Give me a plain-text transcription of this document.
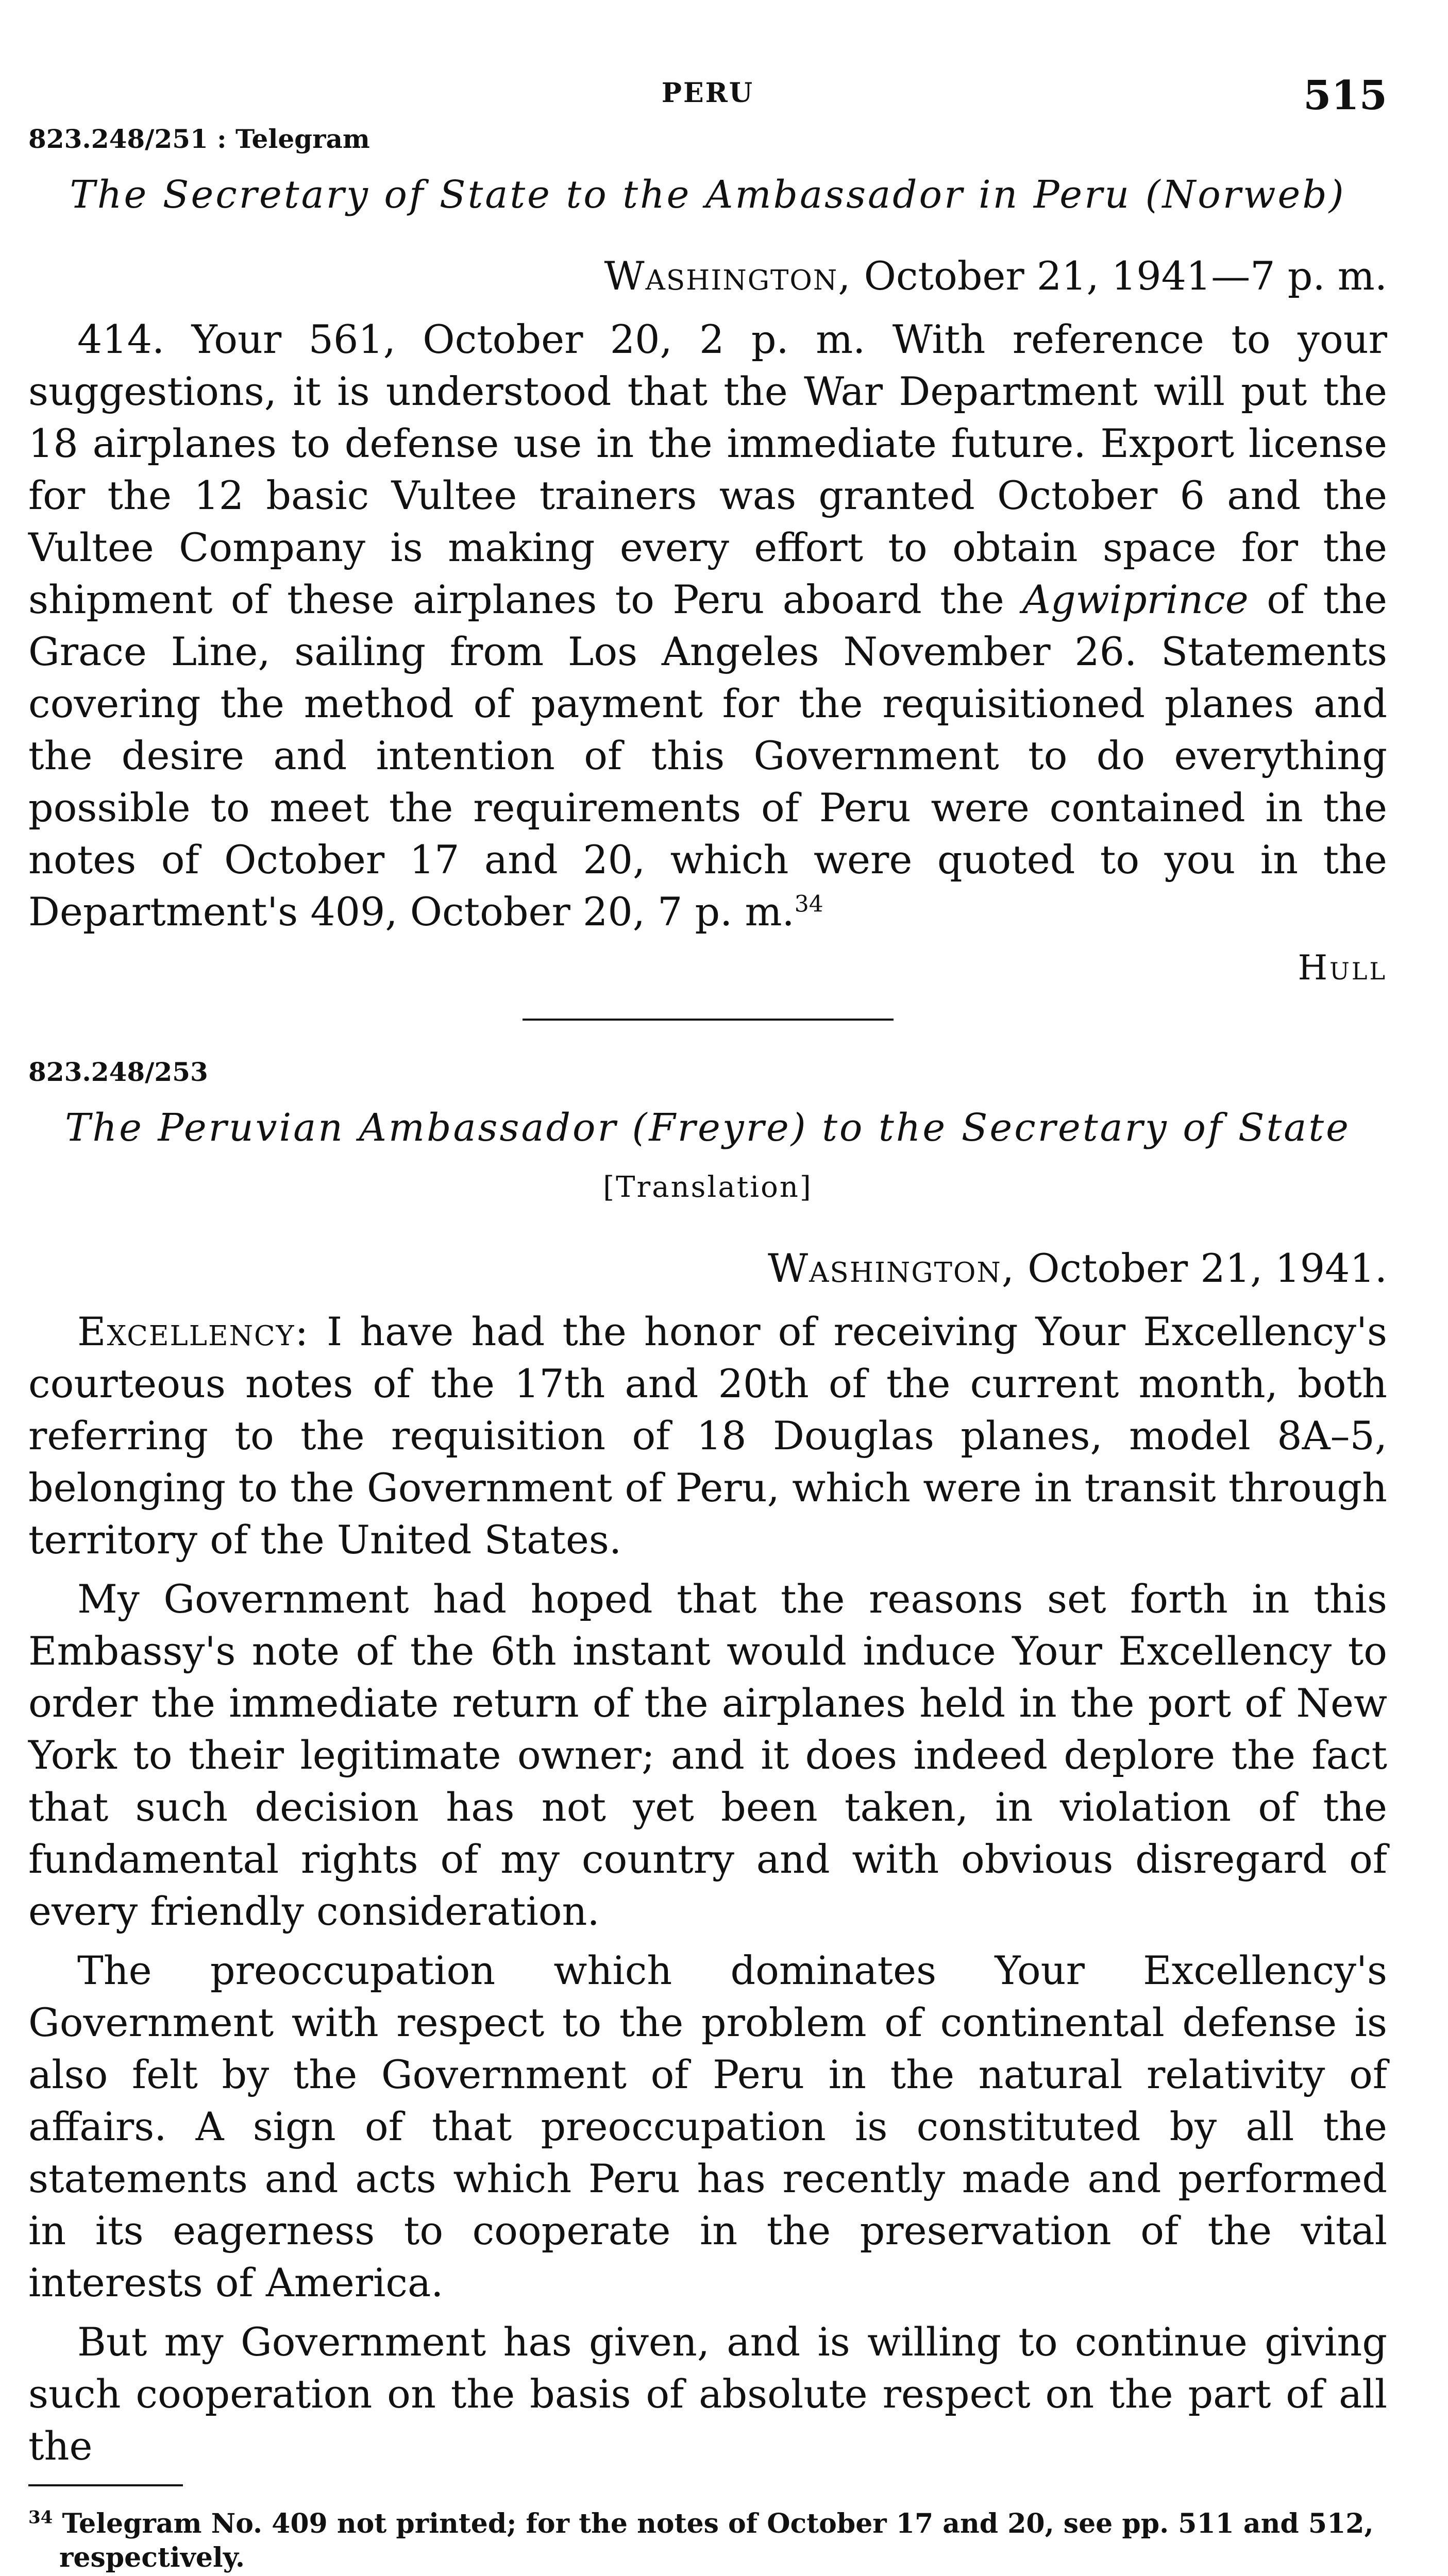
PERU	515
823.248/251 : Telegram
The Secretary of State to the Ambassador in Peru (Norweb)
Washington, October 21, 1941—7 p. m.

414. Your 561, October 20, 2 p. m. With reference to your suggestions, it is understood that the War Department will put the 18 airplanes to defense use in the immediate future. Export license for the 12 basic Vultee trainers was granted October 6 and the Vultee Company is making every effort to obtain space for the shipment of these airplanes to Peru aboard the Agwiprince of the Grace Line, sailing from Los Angeles November 26. Statements covering the method of payment for the requisitioned planes and the desire and intention of this Government to do everything possible to meet the requirements of Peru were contained in the notes of October 17 and 20, which were quoted to you in the Department's 409, October 20, 7 p. m.$^{34}$

Hull
823.248/253
The Peruvian Ambassador (Freyre) to the Secretary of State
[Translation]
Washington, October 21, 1941.

Excellency: I have had the honor of receiving Your Excellency's courteous notes of the 17th and 20th of the current month, both referring to the requisition of 18 Douglas planes, model 8A–5, belonging to the Government of Peru, which were in transit through territory of the United States.

My Government had hoped that the reasons set forth in this Embassy's note of the 6th instant would induce Your Excellency to order the immediate return of the airplanes held in the port of New York to their legitimate owner; and it does indeed deplore the fact that such decision has not yet been taken, in violation of the fundamental rights of my country and with obvious disregard of every friendly consideration.

The preoccupation which dominates Your Excellency's Government with respect to the problem of continental defense is also felt by the Government of Peru in the natural relativity of affairs. A sign of that preoccupation is constituted by all the statements and acts which Peru has recently made and performed in its eagerness to cooperate in the preservation of the vital interests of America.

But my Government has given, and is willing to continue giving such cooperation on the basis of absolute respect on the part of all the

$^{34}$ Telegram No. 409 not printed; for the notes of October 17 and 20, see pp. 511 and 512, respectively.
